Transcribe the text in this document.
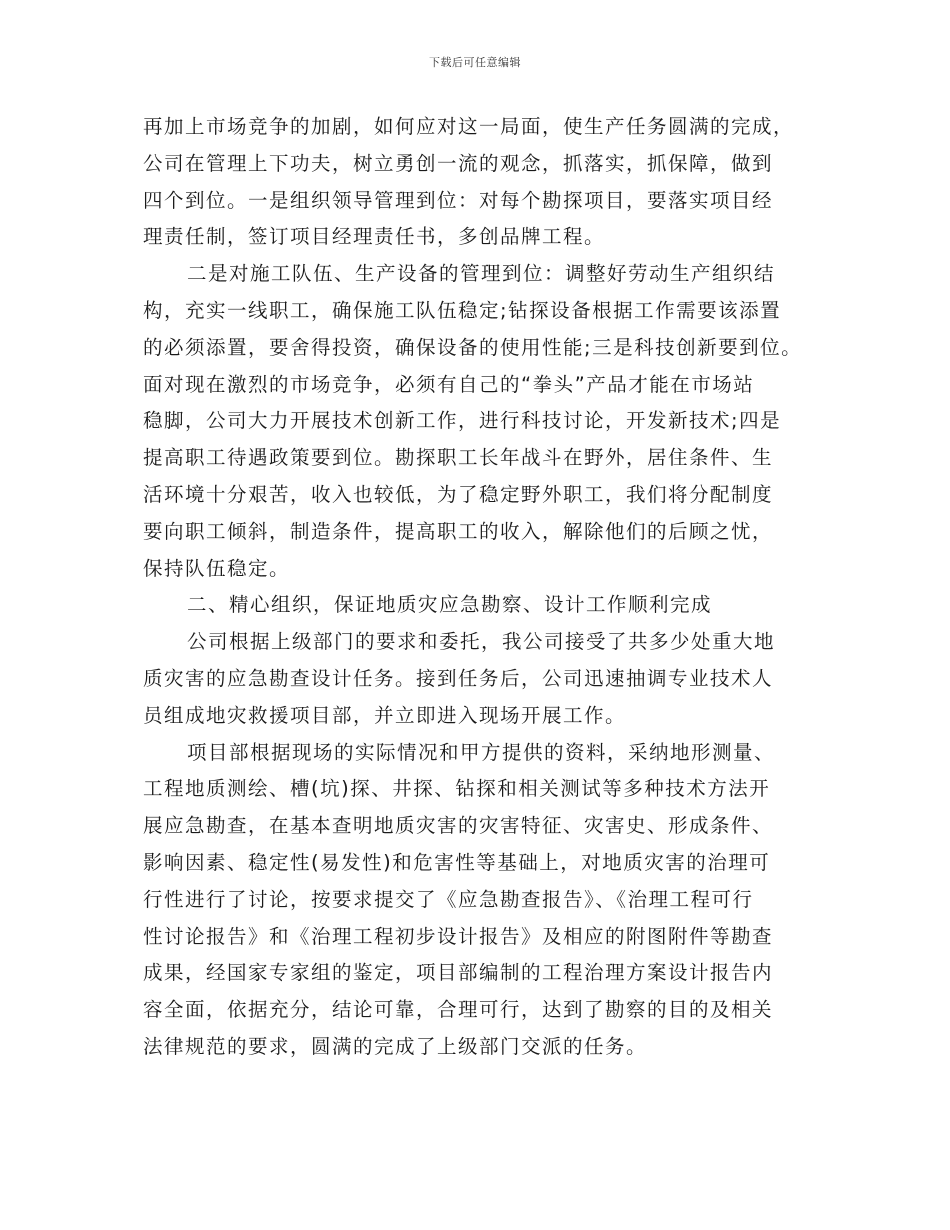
下载后可任意编辑
再加上市场竞争的加剧，如何应对这一局面，使生产任务圆满的完成，
公司在管理上下功夫，树立勇创一流的观念，抓落实，抓保障，做到
四个到位。一是组织领导管理到位：对每个勘探项目，要落实项目经
理责任制，签订项目经理责任书，多创品牌工程。
二是对施工队伍、生产设备的管理到位：调整好劳动生产组织结
构，充实一线职工，确保施工队伍稳定;钻探设备根据工作需要该添置
的必须添置，要舍得投资，确保设备的使用性能;三是科技创新要到位。
面对现在激烈的市场竞争，必须有自己的“拳头”产品才能在市场站
稳脚，公司大力开展技术创新工作，进行科技讨论，开发新技术;四是
提高职工待遇政策要到位。勘探职工长年战斗在野外，居住条件、生
活环境十分艰苦，收入也较低，为了稳定野外职工，我们将分配制度
要向职工倾斜，制造条件，提高职工的收入，解除他们的后顾之忧，
保持队伍稳定。
二、精心组织，保证地质灾应急勘察、设计工作顺利完成
公司根据上级部门的要求和委托，我公司接受了共多少处重大地
质灾害的应急勘查设计任务。接到任务后，公司迅速抽调专业技术人
员组成地灾救援项目部，并立即进入现场开展工作。
项目部根据现场的实际情况和甲方提供的资料，采纳地形测量、
工程地质测绘、槽(坑)探、井探、钻探和相关测试等多种技术方法开
展应急勘查，在基本查明地质灾害的灾害特征、灾害史、形成条件、
影响因素、稳定性(易发性)和危害性等基础上，对地质灾害的治理可
行性进行了讨论，按要求提交了《应急勘查报告》、《治理工程可行
性讨论报告》和《治理工程初步设计报告》及相应的附图附件等勘查
成果，经国家专家组的鉴定，项目部编制的工程治理方案设计报告内
容全面，依据充分，结论可靠，合理可行，达到了勘察的目的及相关
法律规范的要求，圆满的完成了上级部门交派的任务。
